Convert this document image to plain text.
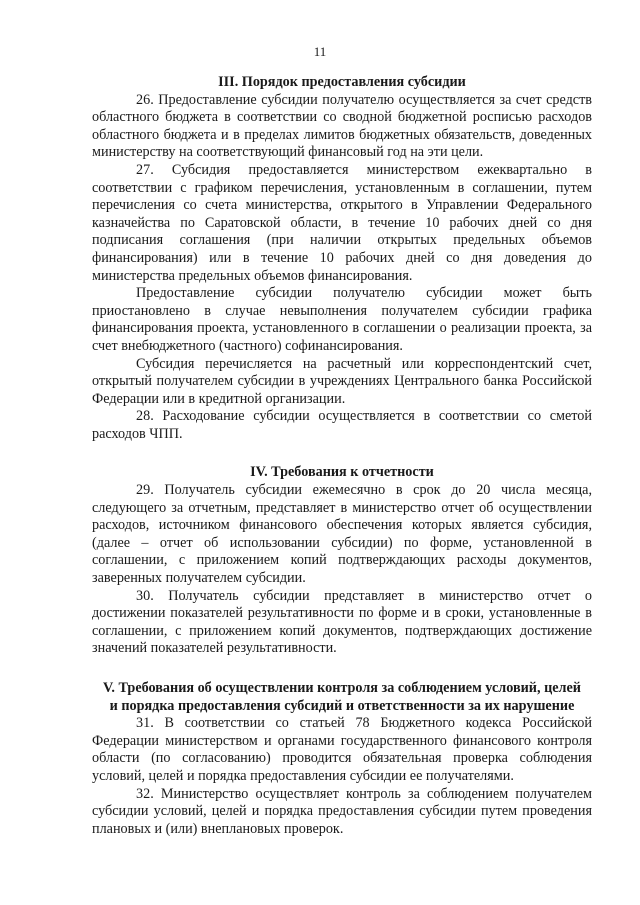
11
III. Порядок предоставления субсидии

26. Предоставление субсидии получателю осуществляется за счет средств областного бюджета в соответствии со сводной бюджетной росписью расходов областного бюджета и в пределах лимитов бюджетных обязательств, доведенных министерству на соответствующий финансовый год на эти цели.

27. Субсидия предоставляется министерством ежеквартально в соответствии с графиком перечисления, установленным в соглашении, путем перечисления со счета министерства, открытого в Управлении Федерального казначейства по Саратовской области, в течение 10 рабочих дней со дня подписания соглашения (при наличии открытых предельных объемов финансирования) или в течение 10 рабочих дней со дня доведения до министерства предельных объемов финансирования.

Предоставление субсидии получателю субсидии может быть приостановлено в случае невыполнения получателем субсидии графика финансирования проекта, установленного в соглашении о реализации проекта, за счет внебюджетного (частного) софинансирования.

Субсидия перечисляется на расчетный или корреспондентский счет, открытый получателем субсидии в учреждениях Центрального банка Российской Федерации или в кредитной организации.

28. Расходование субсидии осуществляется в соответствии со сметой расходов ЧПП.

IV. Требования к отчетности

29. Получатель субсидии ежемесячно в срок до 20 числа месяца, следующего за отчетным, представляет в министерство отчет об осуществлении расходов, источником финансового обеспечения которых является субсидия, (далее – отчет об использовании субсидии) по форме, установленной в соглашении, с приложением копий подтверждающих расходы документов, заверенных получателем субсидии.

30. Получатель субсидии представляет в министерство отчет о достижении показателей результативности по форме и в сроки, установленные в соглашении, с приложением копий документов, подтверждающих достижение значений показателей результативности.

V. Требования об осуществлении контроля за соблюдением условий, целей
и порядка предоставления субсидий и ответственности за их нарушение

31. В соответствии со статьей 78 Бюджетного кодекса Российской Федерации министерством и органами государственного финансового контроля области (по согласованию) проводится обязательная проверка соблюдения условий, целей и порядка предоставления субсидии ее получателями.

32. Министерство осуществляет контроль за соблюдением получателем субсидии условий, целей и порядка предоставления субсидии путем проведения плановых и (или) внеплановых проверок.
